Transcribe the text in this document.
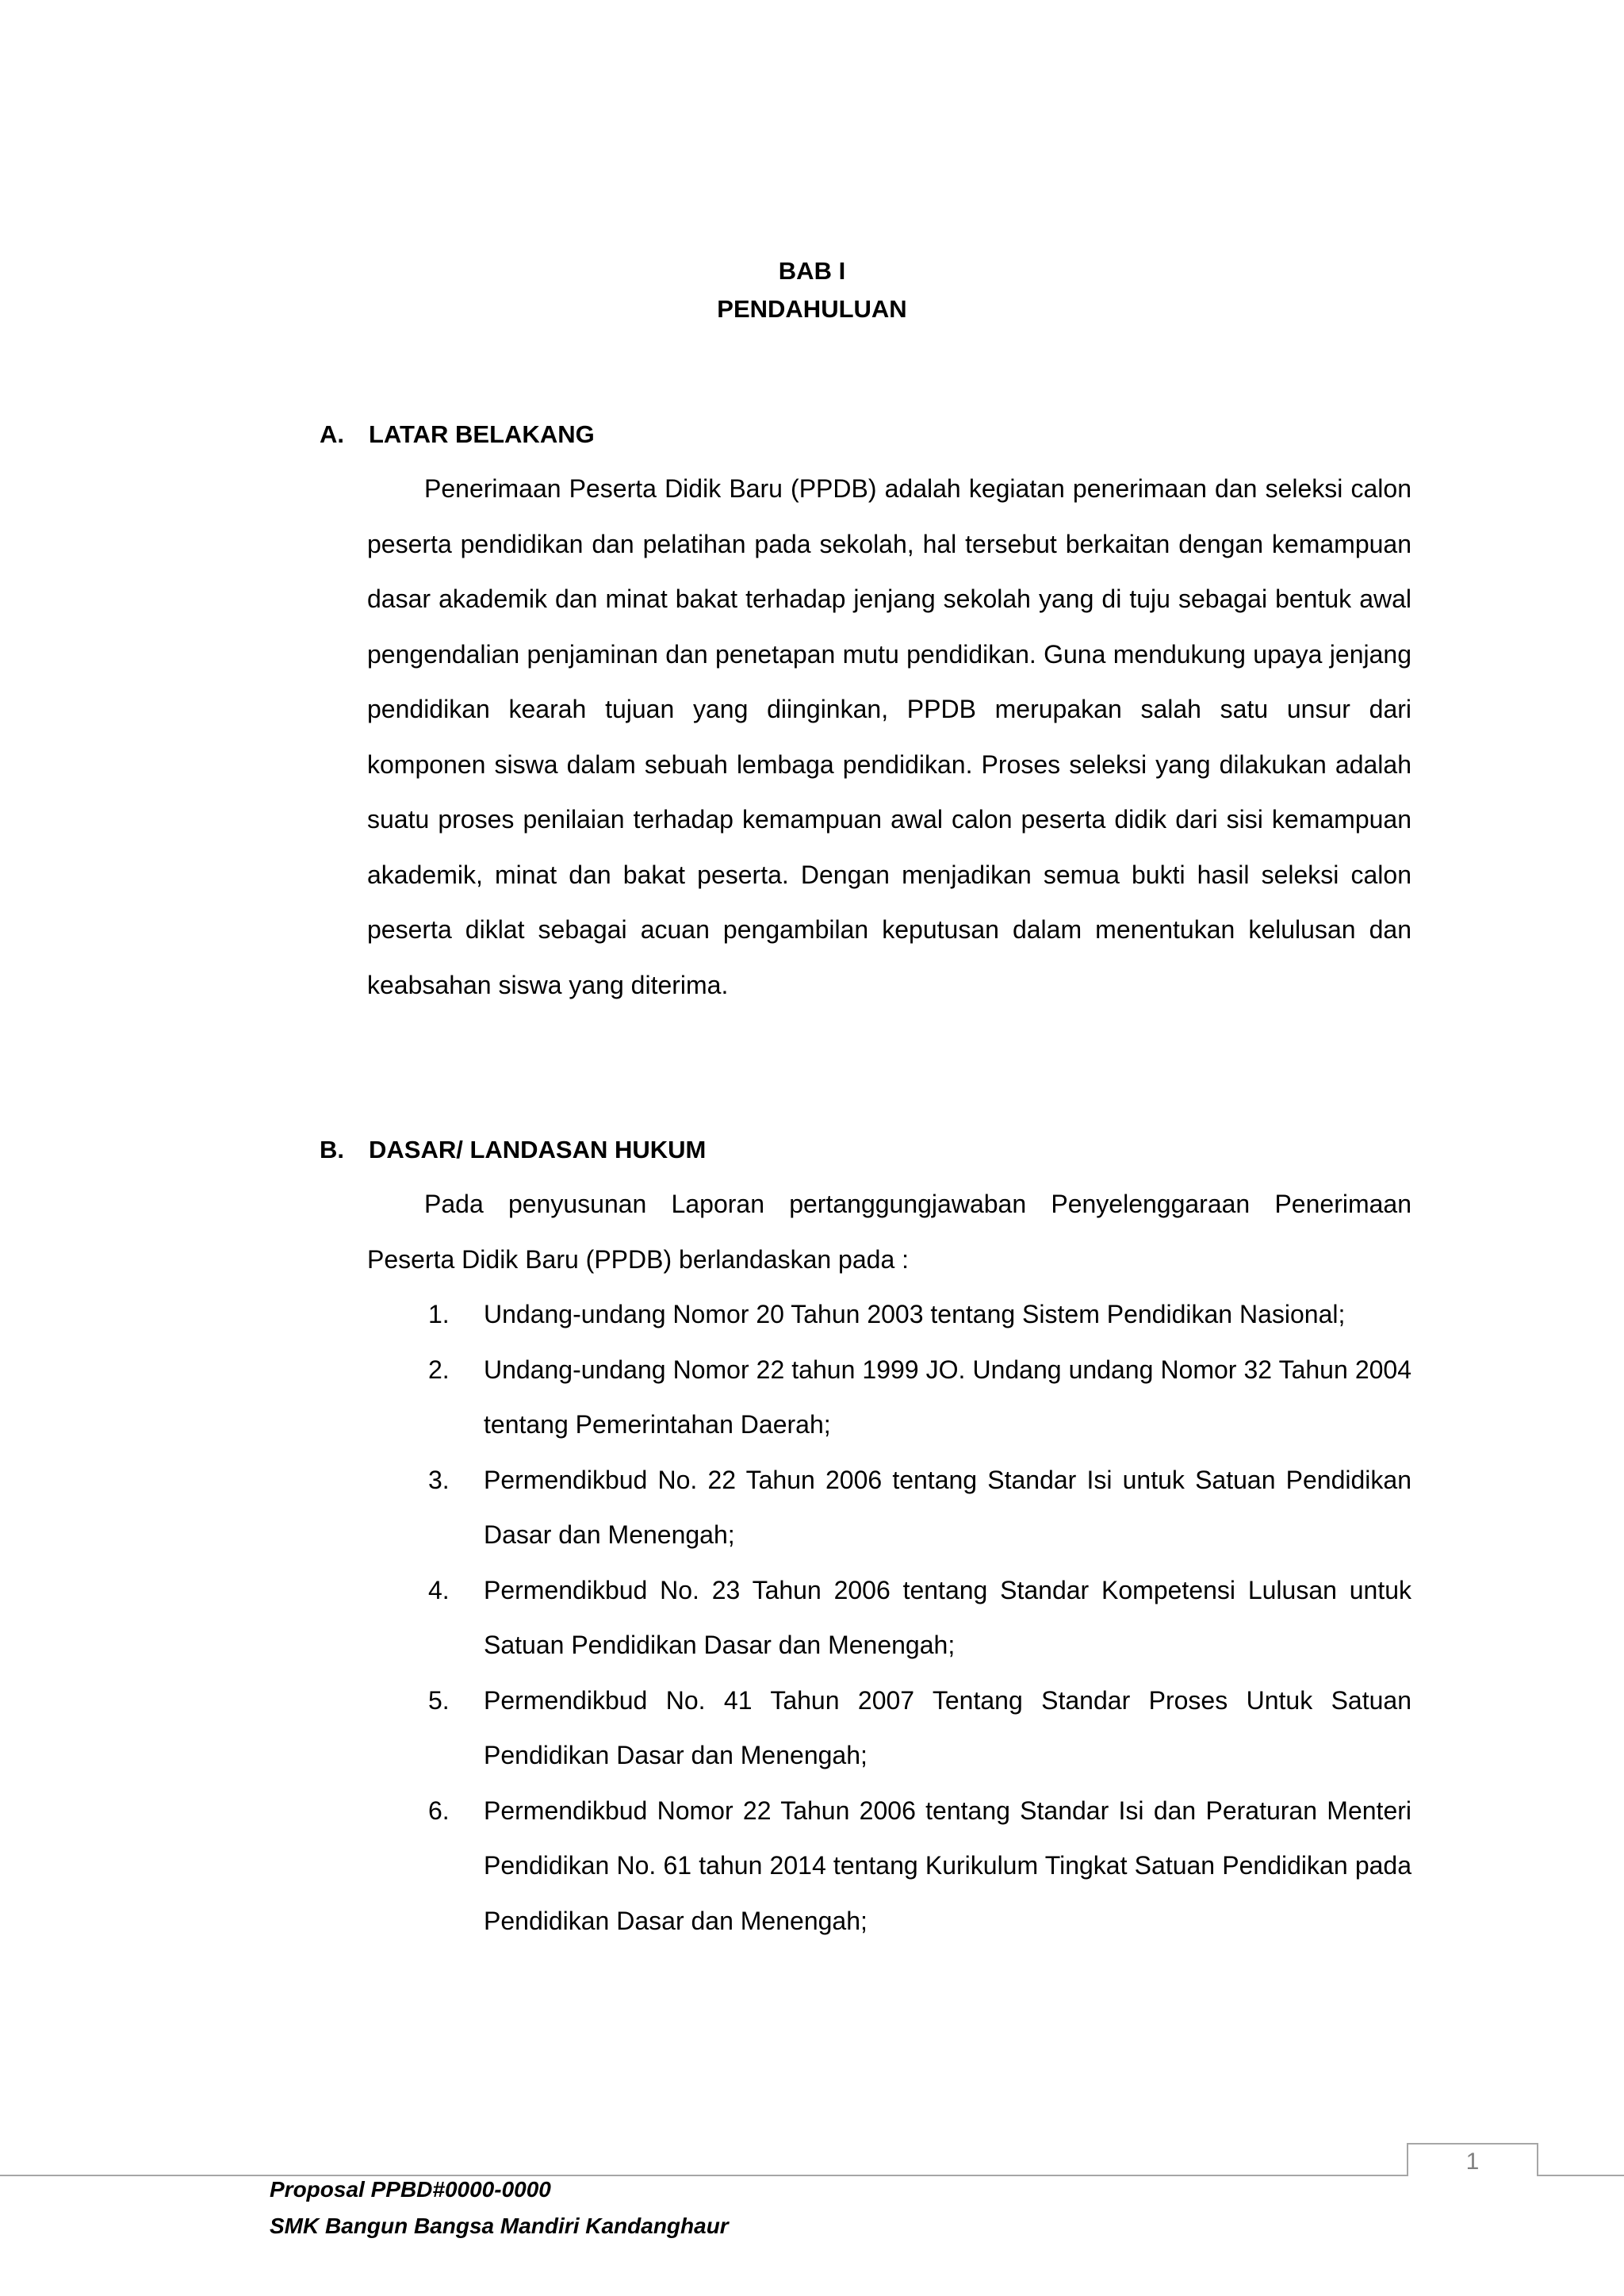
BAB I
PENDAHULUAN
A. LATAR BELAKANG

Penerimaan Peserta Didik Baru (PPDB) adalah kegiatan penerimaan dan seleksi calon peserta pendidikan dan pelatihan pada sekolah, hal tersebut berkaitan dengan kemampuan dasar akademik dan minat bakat terhadap jenjang sekolah yang di tuju sebagai bentuk awal pengendalian penjaminan dan penetapan mutu pendidikan. Guna mendukung upaya jenjang pendidikan kearah tujuan yang diinginkan, PPDB merupakan salah satu unsur dari komponen siswa dalam sebuah lembaga pendidikan. Proses seleksi yang dilakukan adalah suatu proses penilaian terhadap kemampuan awal calon peserta didik dari sisi kemampuan akademik, minat dan bakat peserta. Dengan menjadikan semua bukti hasil seleksi calon peserta diklat sebagai acuan pengambilan keputusan dalam menentukan kelulusan dan keabsahan siswa yang diterima.

B. DASAR/ LANDASAN HUKUM

Pada penyusunan Laporan pertanggungjawaban Penyelenggaraan Penerimaan Peserta Didik Baru (PPDB) berlandaskan pada :

1. Undang-undang Nomor 20 Tahun 2003 tentang Sistem Pendidikan Nasional;
2. Undang-undang Nomor 22 tahun 1999 JO. Undang undang Nomor 32 Tahun 2004 tentang Pemerintahan Daerah;
3. Permendikbud No. 22 Tahun 2006 tentang Standar Isi untuk Satuan Pendidikan Dasar dan Menengah;
4. Permendikbud No. 23 Tahun 2006 tentang Standar Kompetensi Lulusan untuk Satuan Pendidikan Dasar dan Menengah;
5. Permendikbud No. 41 Tahun 2007 Tentang Standar Proses Untuk Satuan Pendidikan Dasar dan Menengah;
6. Permendikbud Nomor 22 Tahun 2006 tentang Standar Isi dan Peraturan Menteri Pendidikan No. 61 tahun 2014 tentang Kurikulum Tingkat Satuan Pendidikan pada Pendidikan Dasar dan Menengah;
1
Proposal PPBD#0000-0000
SMK Bangun Bangsa Mandiri Kandanghaur
